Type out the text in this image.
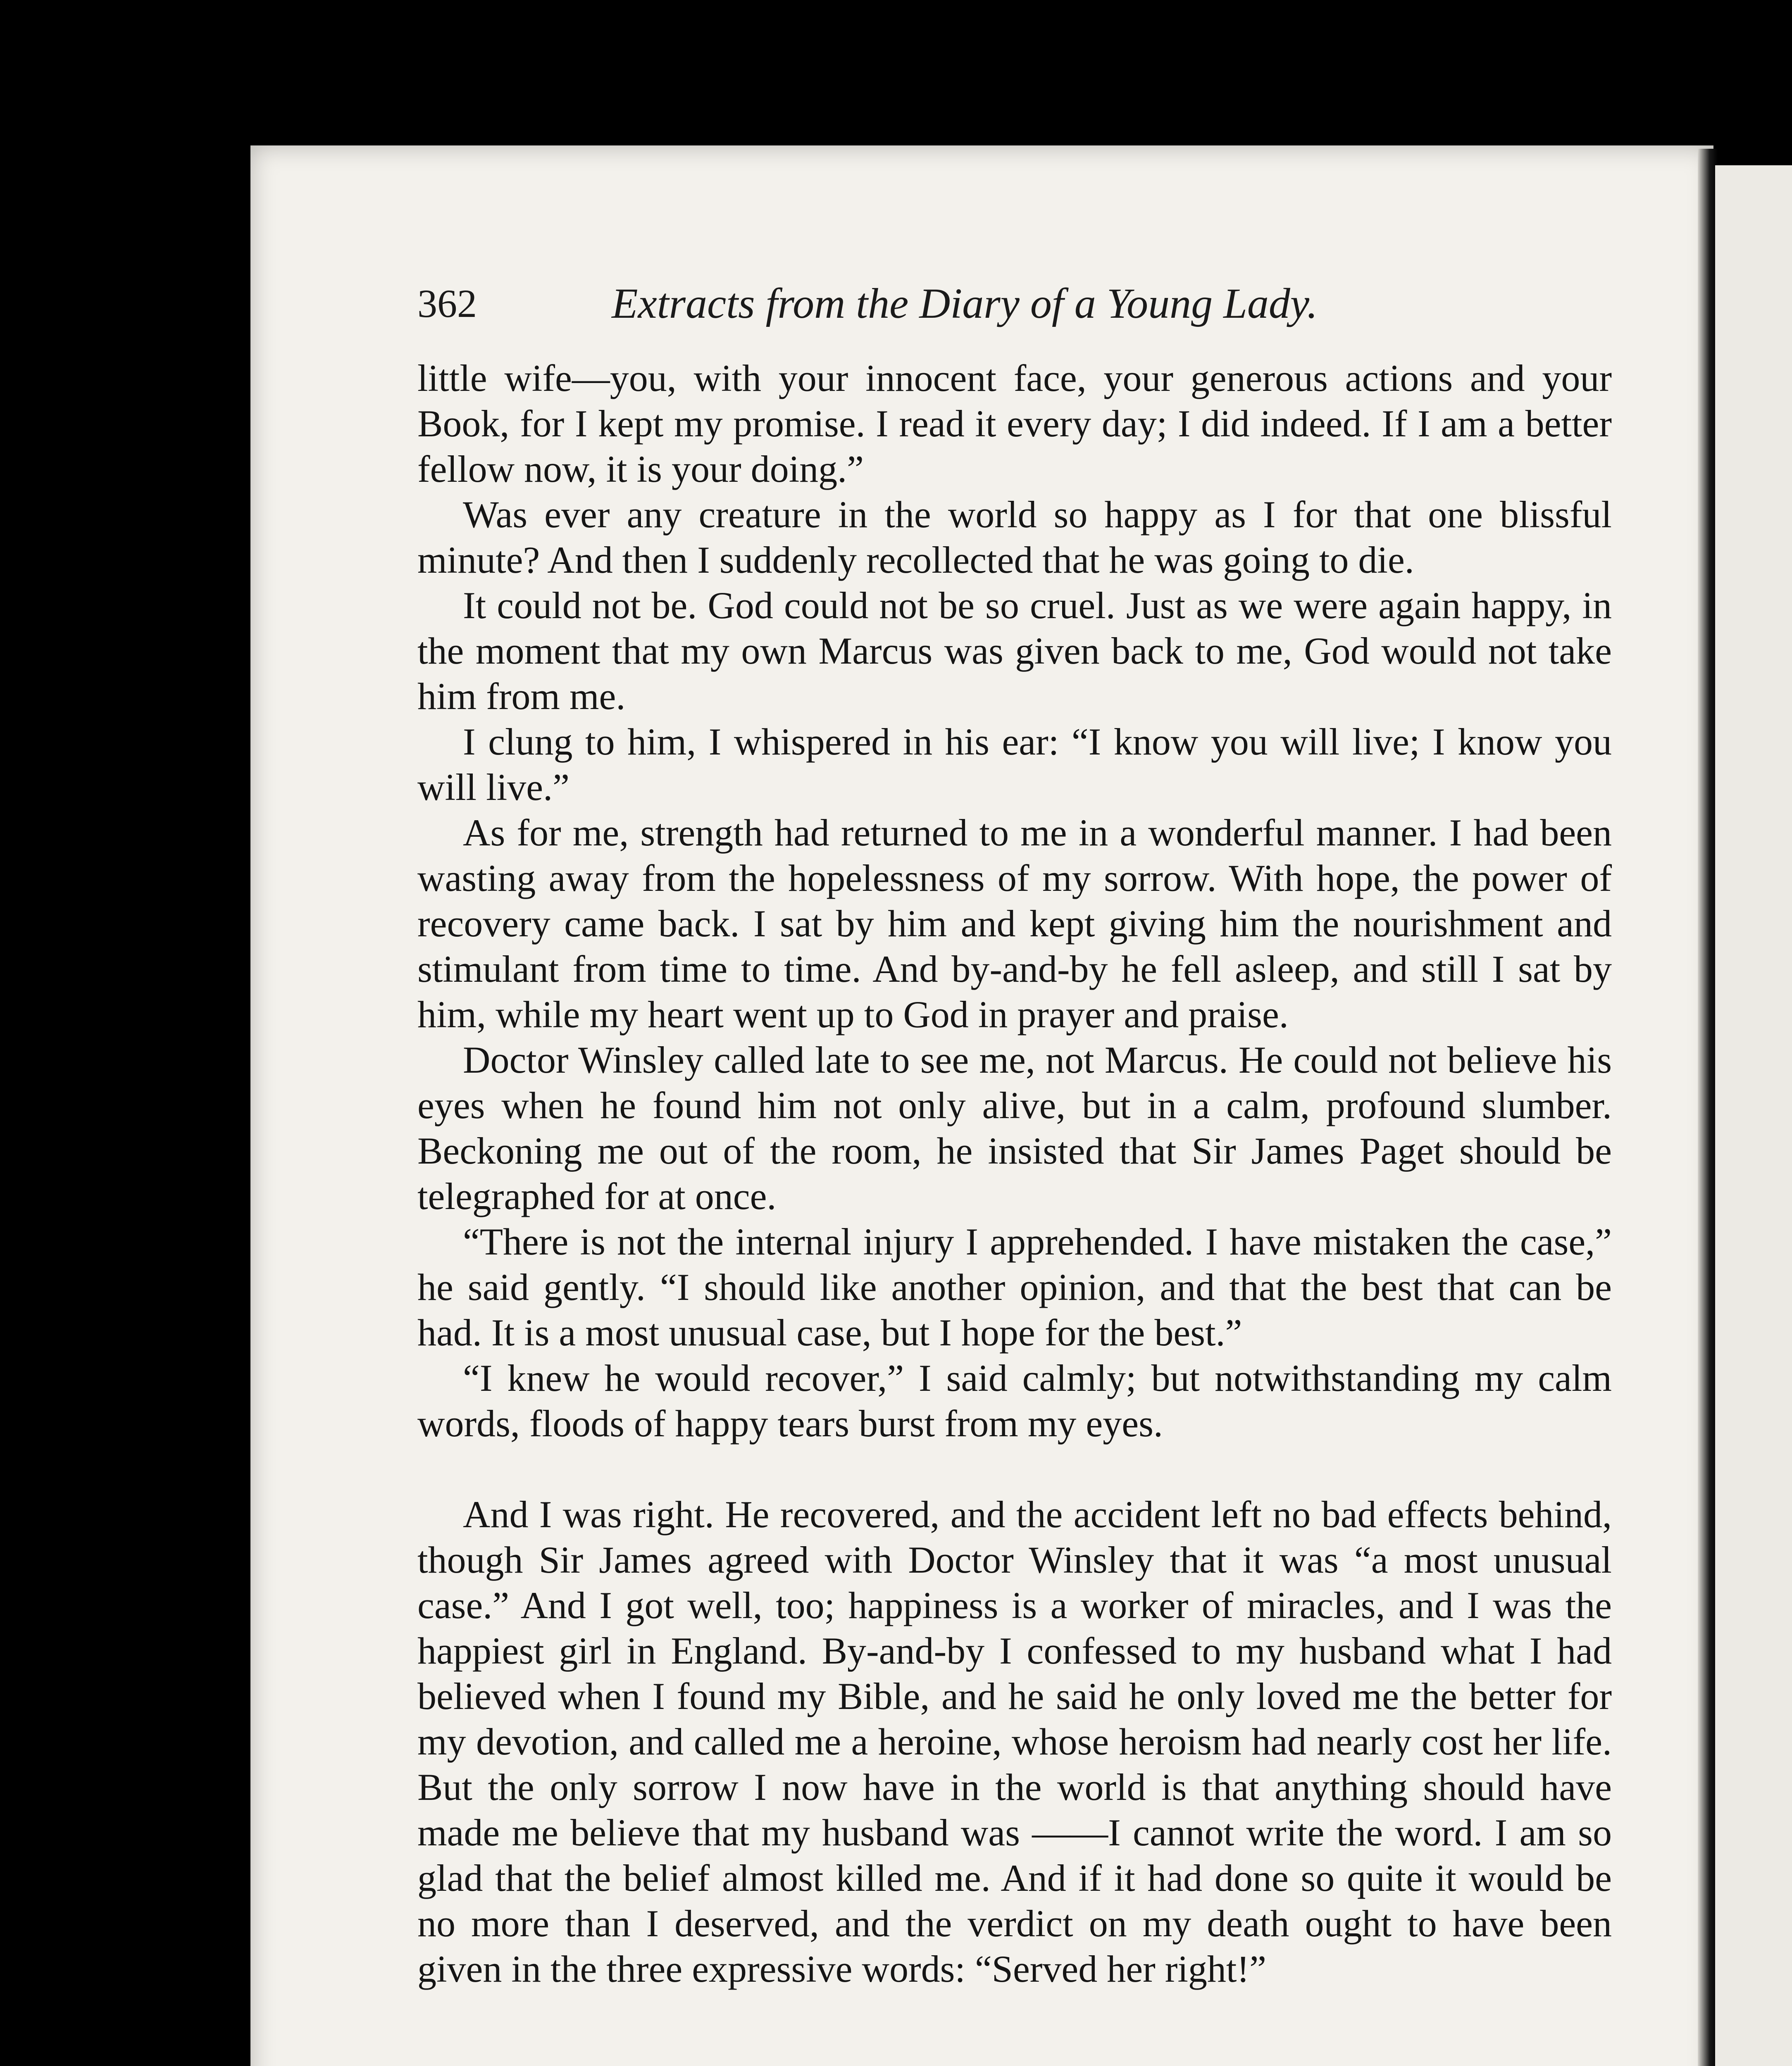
362	Extracts from the Diary of a Young Lady.

little wife—you, with your innocent face, your generous actions and your Book, for I kept my promise. I read it every day; I did indeed. If I am a better fellow now, it is your doing.”

Was ever any creature in the world so happy as I for that one blissful minute? And then I suddenly recollected that he was going to die.

It could not be. God could not be so cruel. Just as we were again happy, in the moment that my own Marcus was given back to me, God would not take him from me.

I clung to him, I whispered in his ear: “I know you will live; I know you will live.”

As for me, strength had returned to me in a wonderful manner. I had been wasting away from the hopelessness of my sorrow. With hope, the power of recovery came back. I sat by him and kept giving him the nourishment and stimulant from time to time. And by-and-by he fell asleep, and still I sat by him, while my heart went up to God in prayer and praise.

Doctor Winsley called late to see me, not Marcus. He could not believe his eyes when he found him not only alive, but in a calm, profound slumber. Beckoning me out of the room, he insisted that Sir James Paget should be telegraphed for at once.

“There is not the internal injury I apprehended. I have mistaken the case,” he said gently. “I should like another opinion, and that the best that can be had. It is a most unusual case, but I hope for the best.”

“I knew he would recover,” I said calmly; but notwithstanding my calm words, floods of happy tears burst from my eyes.

And I was right. He recovered, and the accident left no bad effects behind, though Sir James agreed with Doctor Winsley that it was “a most unusual case.” And I got well, too; happiness is a worker of miracles, and I was the happiest girl in England. By-and-by I confessed to my husband what I had believed when I found my Bible, and he said he only loved me the better for my devotion, and called me a heroine, whose heroism had nearly cost her life. But the only sorrow I now have in the world is that anything should have made me believe that my husband was ——I cannot write the word. I am so glad that the belief almost killed me. And if it had done so quite it would be no more than I deserved, and the verdict on my death ought to have been given in the three expressive words: “Served her right!”
